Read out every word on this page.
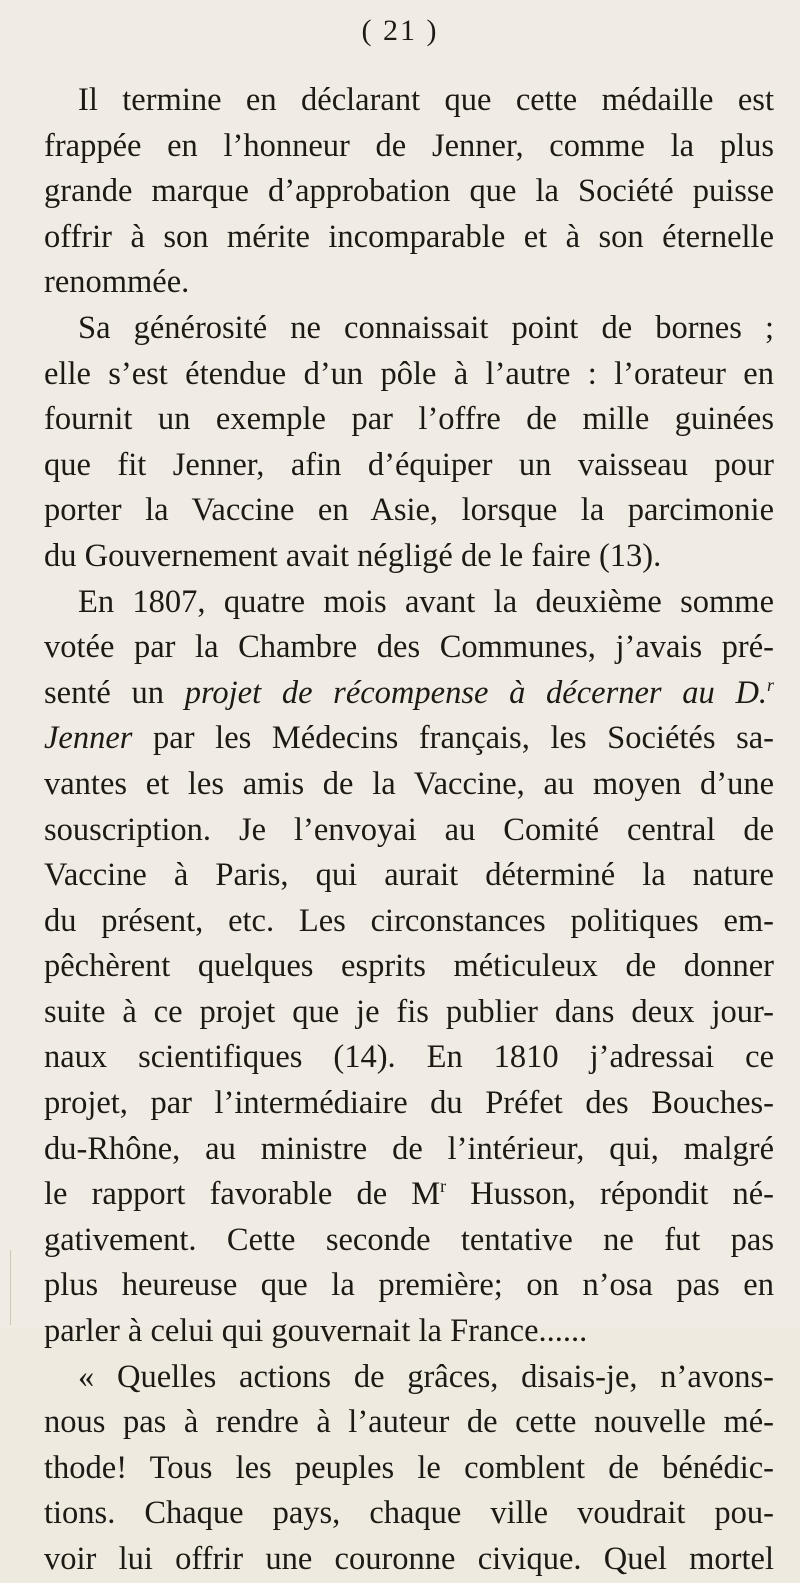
( 21 )
Il termine en déclarant que cette médaille est
frappée en l’honneur de Jenner, comme la plus
grande marque d’approbation que la Société puisse
offrir à son mérite incomparable et à son éternelle
renommée.
Sa générosité ne connaissait point de bornes ;
elle s’est étendue d’un pôle à l’autre : l’orateur en
fournit un exemple par l’offre de mille guinées
que fit Jenner, afin d’équiper un vaisseau pour
porter la Vaccine en Asie, lorsque la parcimonie
du Gouvernement avait négligé de le faire (13).
En 1807, quatre mois avant la deuxième somme
votée par la Chambre des Communes, j’avais pré-
senté un projet de récompense à décerner au D.$^r$
Jenner par les Médecins français, les Sociétés sa-
vantes et les amis de la Vaccine, au moyen d’une
souscription. Je l’envoyai au Comité central de
Vaccine à Paris, qui aurait déterminé la nature
du présent, etc. Les circonstances politiques em-
pêchèrent quelques esprits méticuleux de donner
suite à ce projet que je fis publier dans deux jour-
naux scientifiques (14). En 1810 j’adressai ce
projet, par l’intermédiaire du Préfet des Bouches-
du-Rhône, au ministre de l’intérieur, qui, malgré
le rapport favorable de $M^r$ Husson, répondit né-
gativement. Cette seconde tentative ne fut pas
plus heureuse que la première; on n’osa pas en
parler à celui qui gouvernait la France......
« Quelles actions de grâces, disais-je, n’avons-
nous pas à rendre à l’auteur de cette nouvelle mé-
thode! Tous les peuples le comblent de bénédic-
tions. Chaque pays, chaque ville voudrait pou-
voir lui offrir une couronne civique. Quel mortel
